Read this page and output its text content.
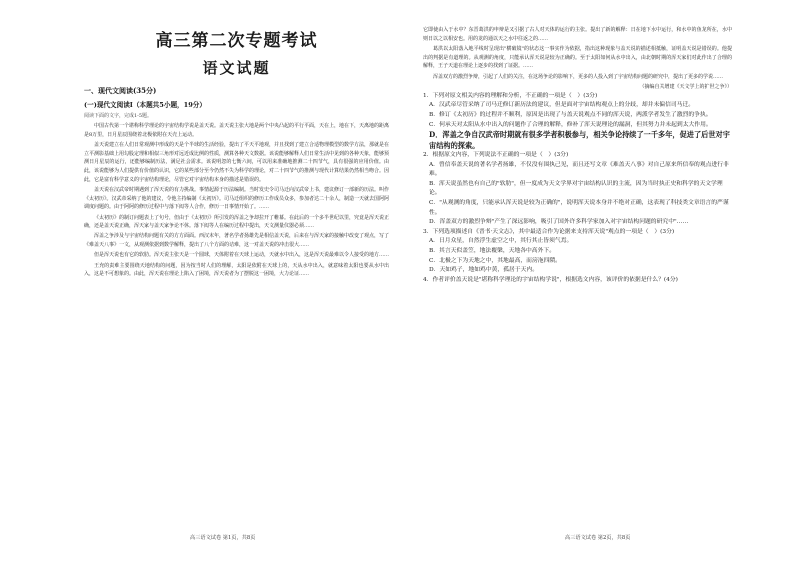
高三第二次专题考试
语文试题
一、现代文阅读(35分)
(一)现代文阅读Ⅰ（本题共5小题，19分）
阅读下面的文字，完成1-5题。

中国古代第一个堪称科学理论的宇宙结构学说是盖天说。盖天说主张大地是两个中央凸起的平行平面，天在上，地在下，天离地的距离是8万里，日月星辰围绕着北极依附在天壳上运动。

盖天说建立在人们日常观测中形成的天是个半球的生活经验，提出了平天平地观，并且找到了建立合适物理模型的数学方法，那就是在立平测影基础上用勾股定理和相似三角形对远近成比例的性质，测算各种天文数据。该说能够解释人们日常生活中见到的各种天象，能够预测日月星辰的运行，还能够编制历法，满足社会需求。该说明忽的七衡六间，可以用来准确地推测二十四节气，具有很强的应用价值。由此，该说能够为人们提供有价值的认识，它的某些部分至今仍然不失为科学的理论，对二十四节气的推测与现代计算结果仍然相当吻合。因此，它是富有科学意义的宇宙结构理论，尽管它对宇宙结构本身的描述是错误的。

盖天说在汉武帝时期遇到了浑天说的有力挑战。事情起源于历法编制。当时发史令司马迁向汉武帝上书，建议修订一部新的历法。叫作《太初历》。汉武帝采纳了他的建议，令他主持编制《太初历》。司马迁组织的修历工作成员众多，参加者达二十余人，制造一天就去国阿阿调度问题的。由于阿阿的修历过程中与落下闳等人合作，修历一日事情开始了。……

《太初历》的制订问题表上了句号，但由于《太初历》所引发的浑盖之争却拉开了帷幕。在此后的一个多半世纪以里，究竟是浑天说正确，还是盖天说正确，浑天家与盖天家争论不休。落下闳等人在编历过程中提出，天文测量仪器必须……

浑盖之争涉及与宇宙结构问题有关的方方面面。西汉末年，著名学者扬雄先是相信盖天说，后来在与浑天家的接触中改变了观点，写了《难盖天八事》一文，从观测依据到数学解释，提出了八个方面的诘难，这一对盖天说的冲击很大……

但是浑天说也有它的软肋。浑天说主张天是一个圆球，天体附着在天球上运动，天就水中出入，这是浑天说最难以令人接受的地方……

王充的责难主要围绕天地结构的问题，因为按当时人们的理解，太阳是依附在天球上的，天从水中出入，就意味着太阳也要从水中出入，这是不可想象的。由此，浑天说在理论上陷入了困境，浑天说者为了摆脱这一困境，大力论证……

高三语文试卷 第1页，共8页

它即使由入于水中？东晋葛洪的申辩是又引据了古人对天体的运行的主张。提出了新的解释：日在地下水中运行，和水中的鱼龙所在，水中则日以之以相安也。用的龙的通以天之水中往返之的……

葛洪以太阳落入地平线时呈现出"横破镜"的状态这一事实作为依据，指出这种现象与盖天说的描述相抵触，证明盖天说是错误的。他提出的判据是有道理的。从观测的角度，只能承认浑天说是较为正确的。至于太阳如何从水中出入，由北朝时期的浑天家们对此作出了合理的解释，王子天道在理论上逐步的找到了证据。……

浑盖双方的激烈争辩，引起了人们的关注，在这场争论的影响下，更多的人投入到了宇宙结构问题的研究中，提出了更多的学说……

（摘编自关增建《天文学上的扩世之争》）
1．下列对原文相关内容的理解和分析，不正确的一项是（　）(3分)
A．汉武帝尽管采纳了司马迁修订新历法的建议，但是面对宇宙结构观点上的分歧，却并未偏信司马迁。
B．修订《太初历》的过程并不顺利，原因是出现了与盖天说观点不同的浑天说，两派学者发生了激烈的争执。
C．何承天对太阳从水中出入的问题作了合理的解释，修补了浑天说理论的漏洞，但其努力并未起到太大作用。
D．浑盖之争自汉武帝时期就有很多学者积极参与，相关争论持续了一千多年，促进了后世对宇宙结构的探索。
2．根据原文内容，下列说法不正确的一项是（　）(3分)
A．曾信奉盖天说的著名学者扬雄，不仅没有围执己见，而且还写文章《难盖天八事》对自己原来所信奉的观点进行非难。
B．浑天说虽然也有自己的"软肋"，但一度成为天文学界对宇宙结构认识的主流，因为当时执正史和科学的天文学理论。
C．"从观测的角度，只能承认浑天说是较为正确的"，说明浑天说本身并不绝对正确，这表现了科技类文章语言的严谨性。
D．浑盖双方的激烈争辩"产生了深远影响，吸引了国外许多科学家加入对宇宙结构问题的研究中"……
3．下列选项描述自《晋书·天文志》，其中最适合作为论据来支持浑天说"观点的一项是（　）(3分)
A．日月众星，自然浮生虚空之中，其行其止皆须气焉。
B．其言天似盖笠，地法覆槃，天地各中高外下。
C．北极之下为天地之中，其地最高，而滂沲四隤。
D．天如鸡子，地如鸡中黄，孤居于天内。
4．作者评价盖天说是"堪称科学理论的宇宙结构学说"，根据选文内容，该评价的依据是什么？(4分)
高三语文试卷 第2页，共8页
